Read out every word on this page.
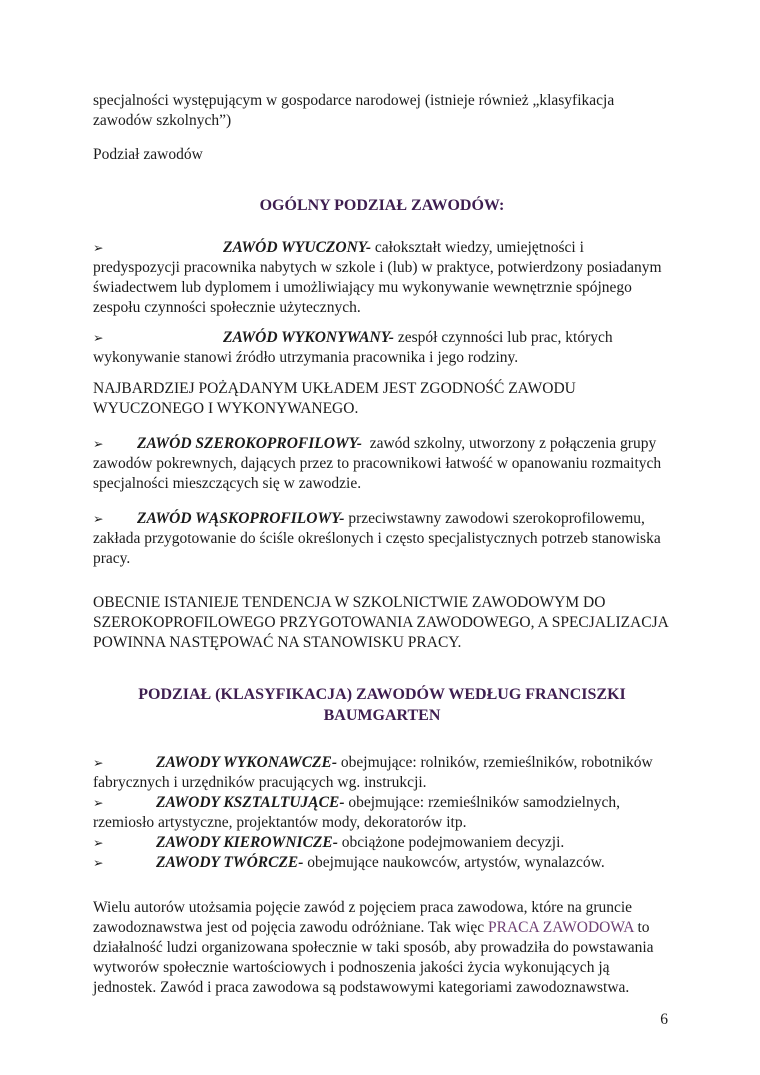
specjalności występującym w gospodarce narodowej (istnieje również „klasyfikacja zawodów szkolnych”)

Podział zawodów

OGÓLNY PODZIAŁ ZAWODÓW:

➢	ZAWÓD WYUCZONY- całokształt wiedzy, umiejętności i predyspozycji pracownika nabytych w szkole i (lub) w praktyce, potwierdzony posiadanym świadectwem lub dyplomem i umożliwiający mu wykonywanie wewnętrznie spójnego zespołu czynności społecznie użytecznych.

➢	ZAWÓD WYKONYWANY- zespół czynności lub prac, których wykonywanie stanowi źródło utrzymania pracownika i jego rodziny.

NAJBARDZIEJ POŻĄDANYM UKŁADEM JEST ZGODNOŚĆ ZAWODU WYUCZONEGO I WYKONYWANEGO.

➢ ZAWÓD SZEROKOPROFILOWY- zawód szkolny, utworzony z połączenia grupy zawodów pokrewnych, dających przez to pracownikowi łatwość w opanowaniu rozmaitych specjalności mieszczących się w zawodzie.

➢ ZAWÓD WĄSKOPROFILOWY- przeciwstawny zawodowi szerokoprofilowemu, zakłada przygotowanie do ściśle określonych i często specjalistycznych potrzeb stanowiska pracy.

OBECNIE ISTANIEJE TENDENCJA W SZKOLNICTWIE ZAWODOWYM DO SZEROKOPROFILOWEGO PRZYGOTOWANIA ZAWODOWEGO, A SPECJALIZACJA POWINNA NASTĘPOWAĆ NA STANOWISKU PRACY.

PODZIAŁ (KLASYFIKACJA) ZAWODÓW WEDŁUG FRANCISZKI BAUMGARTEN

➢	ZAWODY WYKONAWCZE- obejmujące: rolników, rzemieślników, robotników fabrycznych i urzędników pracujących wg. instrukcji.

➢	ZAWODY KSZTALTUJĄCE- obejmujące: rzemieślników samodzielnych, rzemiosło artystyczne, projektantów mody, dekoratorów itp.

➢	ZAWODY KIEROWNICZE- obciążone podejmowaniem decyzji.

➢	ZAWODY TWÓRCZE- obejmujące naukowców, artystów, wynalazców.

Wielu autorów utożsamia pojęcie zawód z pojęciem praca zawodowa, które na gruncie zawodoznawstwa jest od pojęcia zawodu odróżniane. Tak więc PRACA ZAWODOWA to działalność ludzi organizowana społecznie w taki sposób, aby prowadziła do powstawania wytworów społecznie wartościowych i podnoszenia jakości życia wykonujących ją jednostek. Zawód i praca zawodowa są podstawowymi kategoriami zawodoznawstwa.

6
